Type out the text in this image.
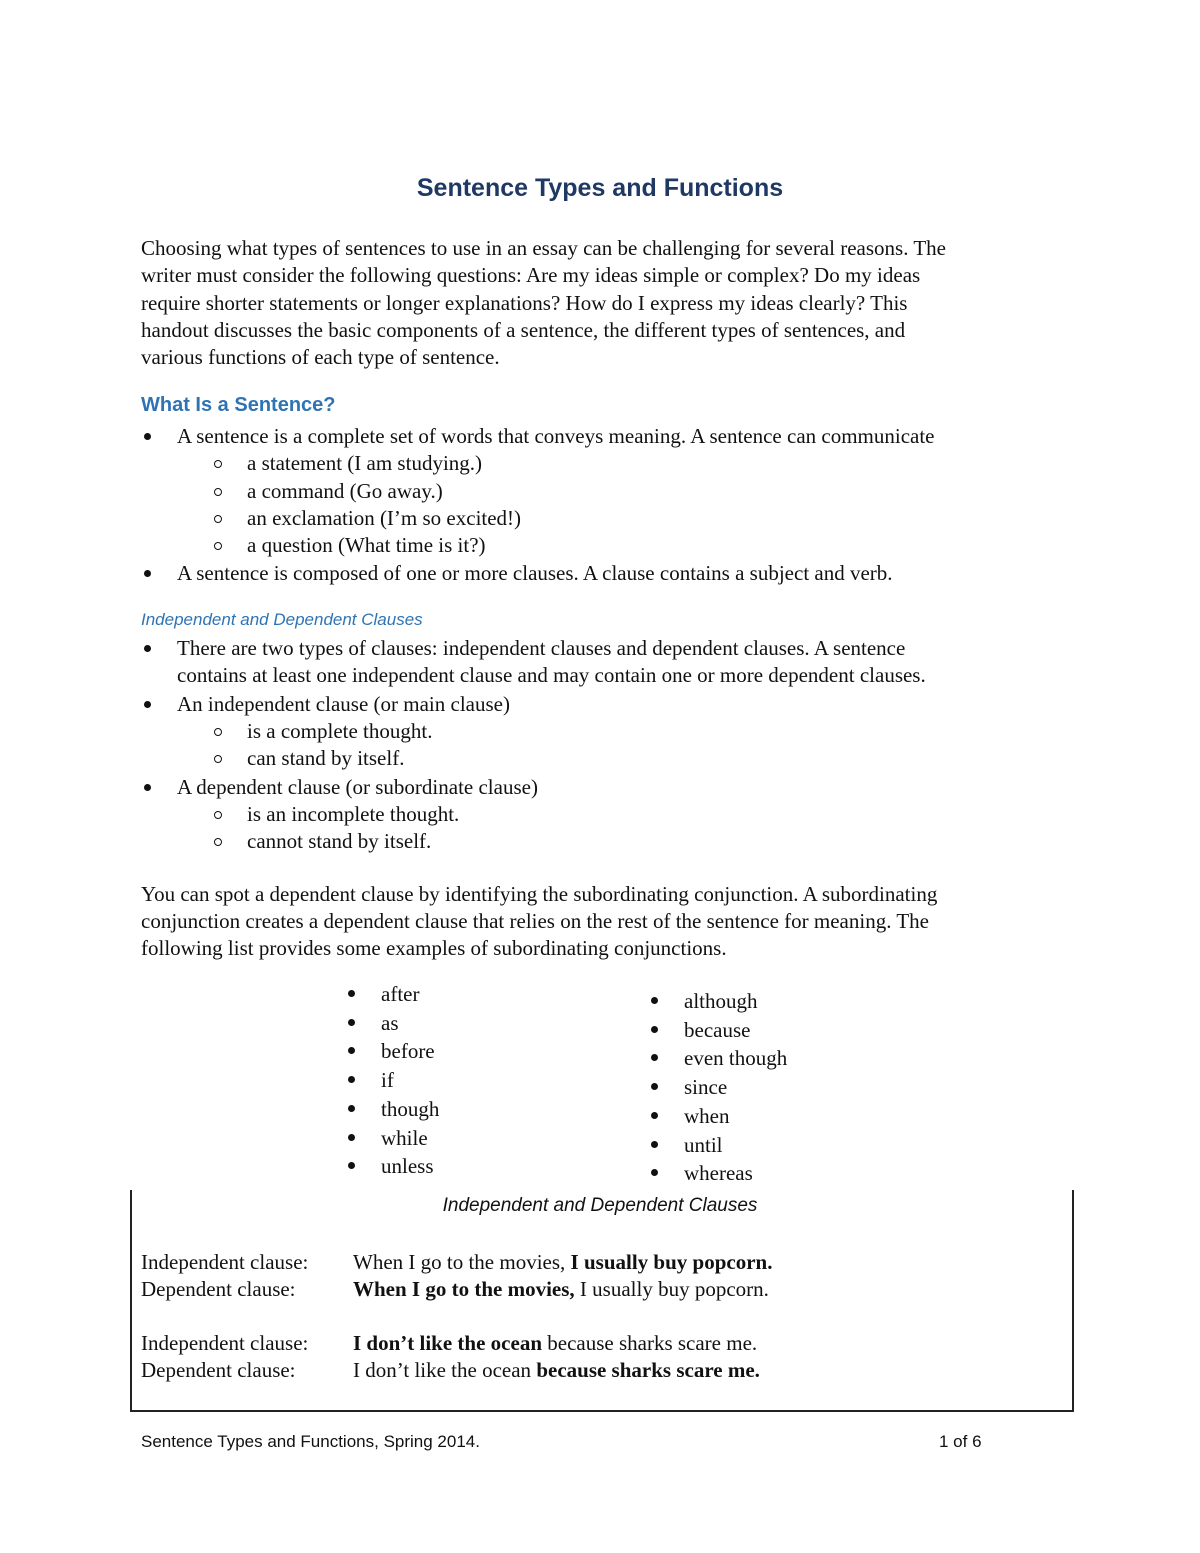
Sentence Types and Functions
Choosing what types of sentences to use in an essay can be challenging for several reasons. The
writer must consider the following questions: Are my ideas simple or complex? Do my ideas
require shorter statements or longer explanations? How do I express my ideas clearly? This
handout discusses the basic components of a sentence, the different types of sentences, and
various functions of each type of sentence.
What Is a Sentence?
A sentence is a complete set of words that conveys meaning. A sentence can communicate
a statement (I am studying.)
a command (Go away.)
an exclamation (I’m so excited!)
a question (What time is it?)
A sentence is composed of one or more clauses. A clause contains a subject and verb.
Independent and Dependent Clauses
There are two types of clauses: independent clauses and dependent clauses. A sentence
contains at least one independent clause and may contain one or more dependent clauses.
An independent clause (or main clause)
is a complete thought.
can stand by itself.
A dependent clause (or subordinate clause)
is an incomplete thought.
cannot stand by itself.
You can spot a dependent clause by identifying the subordinating conjunction. A subordinating
conjunction creates a dependent clause that relies on the rest of the sentence for meaning. The
following list provides some examples of subordinating conjunctions.
after
as
before
if
though
while
unless
although
because
even though
since
when
until
whereas
Independent and Dependent Clauses
Independent clause: When I go to the movies, I usually buy popcorn.
Dependent clause:	When I go to the movies, I usually buy popcorn.
Independent clause: I don’t like the ocean because sharks scare me.
Dependent clause:	I don’t like the ocean because sharks scare me.
Sentence Types and Functions, Spring 2014.	1 of 6
